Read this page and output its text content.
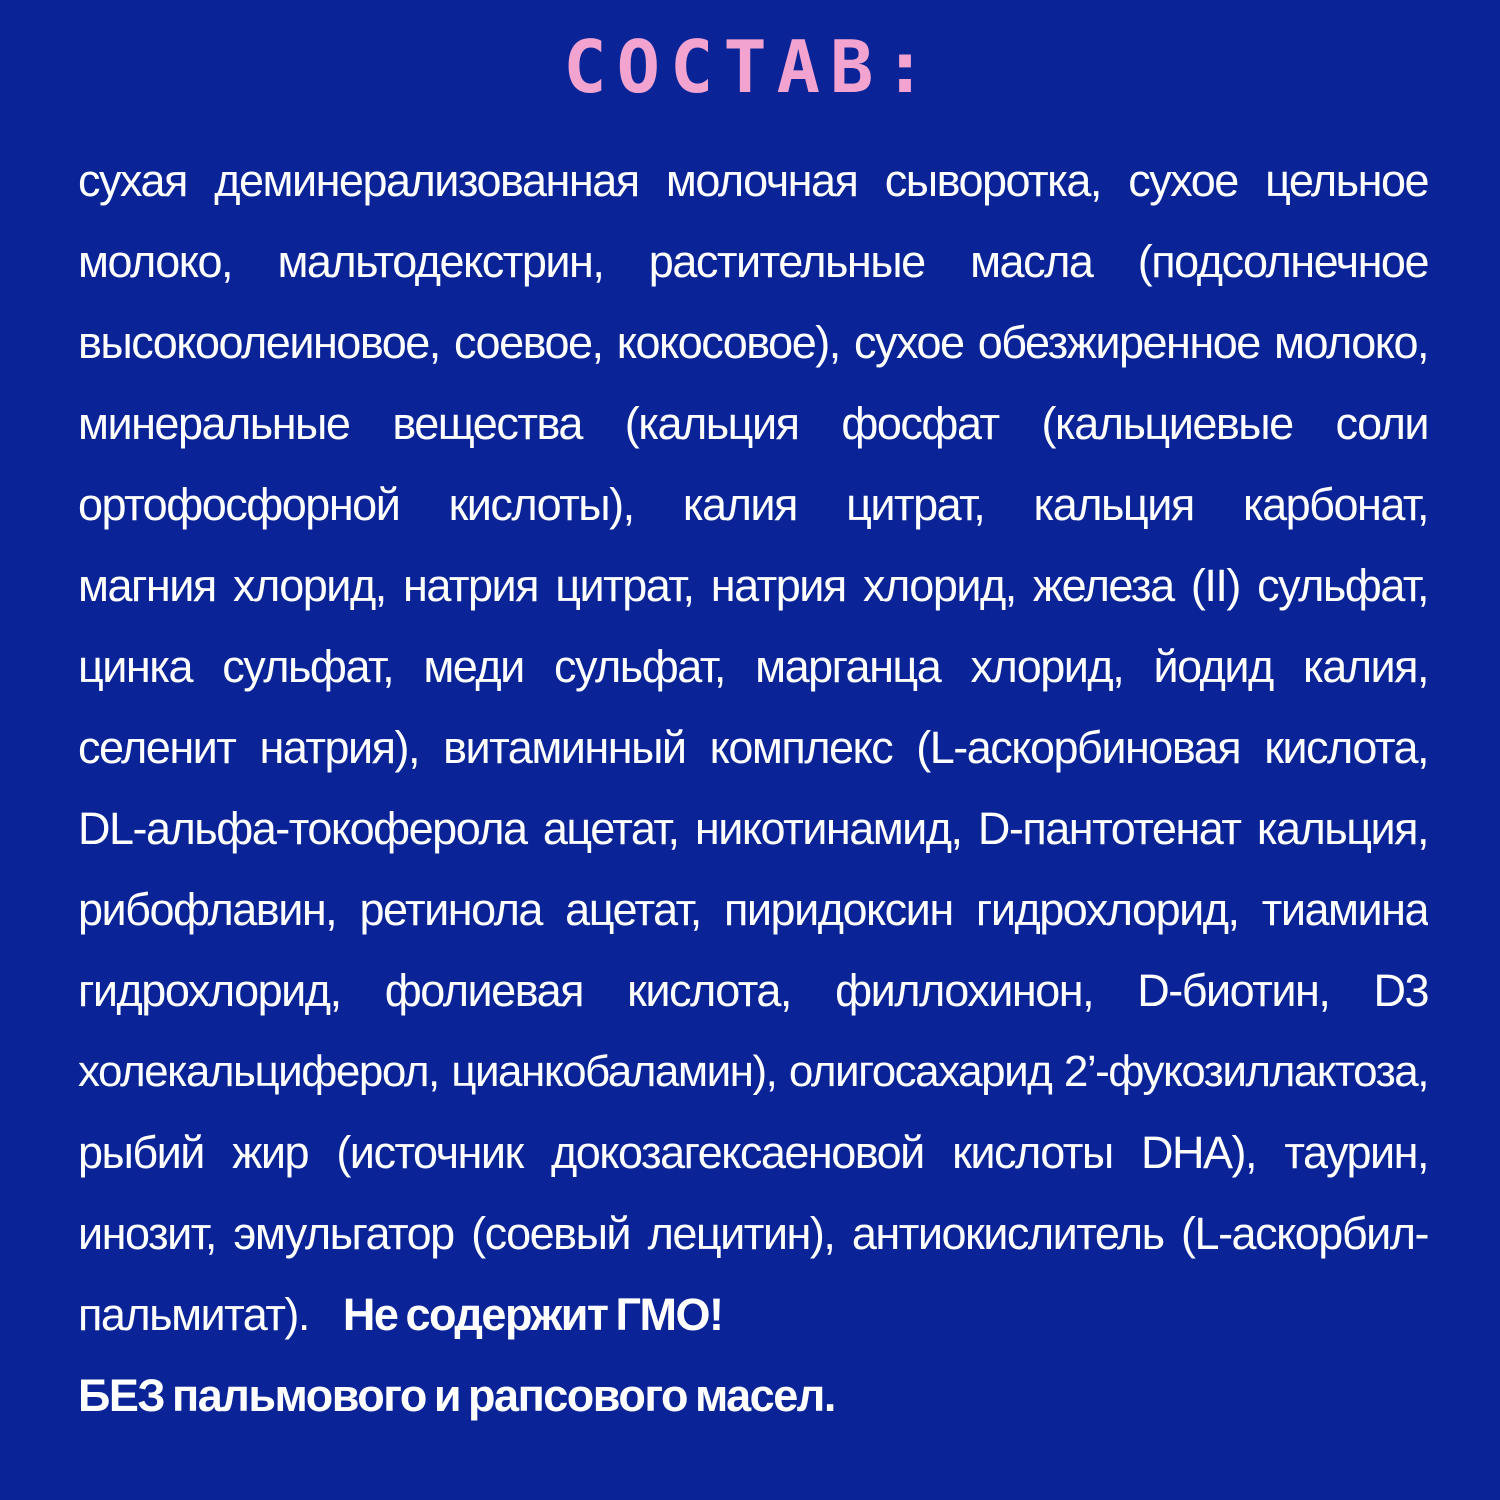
СОСТАВ:
сухая деминерализованная молочная сыворотка, сухое цельное
молоко, мальтодекстрин, растительные масла (подсолнечное
высокоолеиновое, соевое, кокосовое), сухое обезжиренное молоко,
минеральные вещества (кальция фосфат (кальциевые соли
ортофосфорной кислоты), калия цитрат, кальция карбонат,
магния хлорид, натрия цитрат, натрия хлорид, железа (II) сульфат,
цинка сульфат, меди сульфат, марганца хлорид, йодид калия,
селенит натрия), витаминный комплекс (L-аскорбиновая кислота,
DL-альфа-токоферола ацетат, никотинамид, D-пантотенат кальция,
рибофлавин, ретинола ацетат, пиридоксин гидрохлорид, тиамина
гидрохлорид, фолиевая кислота, филлохинон, D-биотин, D3
холекальциферол, цианкобаламин), олигосахарид 2’-фукозиллактоза,
рыбий жир (источник докозагексаеновой кислоты DHA), таурин,
инозит, эмульгатор (соевый лецитин), антиокислитель (L-аскорбил-
пальмитат). Не содержит ГМО!
БЕЗ пальмового и рапсового масел.
